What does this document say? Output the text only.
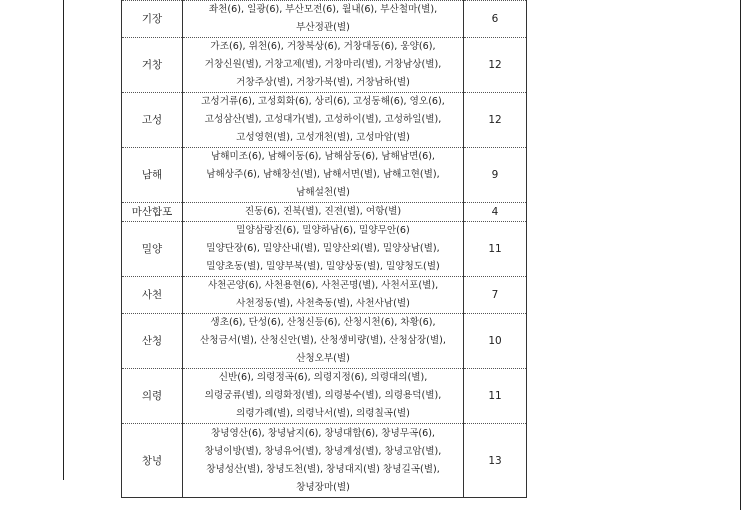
기장	좌천(6), 일광(6), 부산모전(6), 월내(6), 부산철마(별),
부산정관(별)	6
거창	가조(6), 위천(6), 거창북상(6), 거창대동(6), 웅양(6),
거창신원(별), 거창고제(별), 거창마리(별), 거창남상(별),
거창주상(별), 거창가북(별), 거창남하(별)	12
고성	고성거류(6), 고성회화(6), 상리(6), 고성동해(6), 영오(6),
고성삼산(별), 고성대가(별), 고성하이(별), 고성하일(별),
고성영현(별), 고성개천(별), 고성마암(별)	12
남해	남해미조(6), 남해이동(6), 남해삼동(6), 남해남면(6),
남해상주(6), 남해창선(별), 남해서면(별), 남해고현(별),
남해설천(별)	9
마산합포	진동(6), 진북(별), 진전(별), 여항(별)	4
밀양	밀양삼랑진(6), 밀양하남(6), 밀양무안(6)
밀양단장(6), 밀양산내(별), 밀양산외(별), 밀양상남(별),
밀양초동(별), 밀양부북(별), 밀양상동(별), 밀양청도(별)	11
사천	사천곤양(6), 사천용현(6), 사천곤명(별), 사천서포(별),
사천정동(별), 사천축동(별), 사천사남(별)	7
산청	생초(6), 단성(6), 산청신등(6), 산청시천(6), 차황(6),
산청금서(별), 산청신안(별), 산청생비량(별), 산청삼장(별),
산청오부(별)	10
의령	신반(6), 의령정곡(6), 의령지정(6), 의령대의(별),
의령궁류(별), 의령화정(별), 의령봉수(별), 의령용덕(별),
의령가례(별), 의령낙서(별), 의령칠곡(별)	11
창녕	창녕영산(6), 창녕남지(6), 창녕대합(6), 창녕무곡(6),
창녕이방(별), 창녕유어(별), 창녕계성(별), 창녕고암(별),
창녕성산(별), 창녕도천(별), 창녕대지(별) 창녕길곡(별),
창녕장마(별)	13
